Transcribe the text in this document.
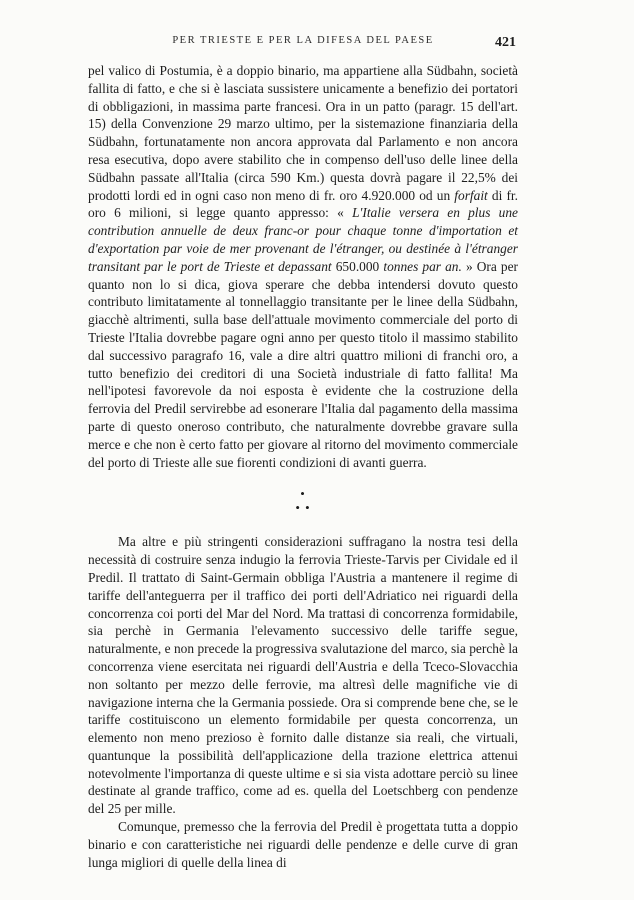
PER TRIESTE E PER LA DIFESA DEL PAESE	421

pel valico di Postumia, è a doppio binario, ma appartiene alla Südbahn, società fallita di fatto, e che si è lasciata sussistere unicamente a benefizio dei portatori di obbligazioni, in massima parte francesi. Ora in un patto (paragr. 15 dell'art. 15) della Convenzione 29 marzo ultimo, per la sistemazione finanziaria della Südbahn, fortunatamente non ancora approvata dal Parlamento e non ancora resa esecutiva, dopo avere stabilito che in compenso dell'uso delle linee della Südbahn passate all'Italia (circa 590 Km.) questa dovrà pagare il 22,5% dei prodotti lordi ed in ogni caso non meno di fr. oro 4.920.000 od un forfait di fr. oro 6 milioni, si legge quanto appresso: « L'Italie versera en plus une contribution annuelle de deux franc-or pour chaque tonne d'importation et d'exportation par voie de mer provenant de l'étranger, ou destinée à l'étranger transitant par le port de Trieste et depassant 650.000 tonnes par an. » Ora per quanto non lo si dica, giova sperare che debba intendersi dovuto questo contributo limitatamente al tonnellaggio transitante per le linee della Südbahn, giacchè altrimenti, sulla base dell'attuale movimento commerciale del porto di Trieste l'Italia dovrebbe pagare ogni anno per questo titolo il massimo stabilito dal successivo paragrafo 16, vale a dire altri quattro milioni di franchi oro, a tutto benefizio dei creditori di una Società industriale di fatto fallita! Ma nell'ipotesi favorevole da noi esposta è evidente che la costruzione della ferrovia del Predil servirebbe ad esonerare l'Italia dal pagamento della massima parte di questo oneroso contributo, che naturalmente dovrebbe gravare sulla merce e che non è certo fatto per giovare al ritorno del movimento commerciale del porto di Trieste alle sue fiorenti condizioni di avanti guerra.

•
• •

Ma altre e più stringenti considerazioni suffragano la nostra tesi della necessità di costruire senza indugio la ferrovia Trieste-Tarvis per Cividale ed il Predil. Il trattato di Saint-Germain obbliga l'Austria a mantenere il regime di tariffe dell'anteguerra per il traffico dei porti dell'Adriatico nei riguardi della concorrenza coi porti del Mar del Nord. Ma trattasi di concorrenza formidabile, sia perchè in Germania l'elevamento successivo delle tariffe segue, naturalmente, e non precede la progressiva svalutazione del marco, sia perchè la concorrenza viene esercitata nei riguardi dell'Austria e della Tceco-Slovacchia non soltanto per mezzo delle ferrovie, ma altresì delle magnifiche vie di navigazione interna che la Germania possiede. Ora si comprende bene che, se le tariffe costituiscono un elemento formidabile per questa concorrenza, un elemento non meno prezioso è fornito dalle distanze sia reali, che virtuali, quantunque la possibilità dell'applicazione della trazione elettrica attenui notevolmente l'importanza di queste ultime e si sia vista adottare perciò su linee destinate al grande traffico, come ad es. quella del Loetschberg con pendenze del 25 per mille.

Comunque, premesso che la ferrovia del Predil è progettata tutta a doppio binario e con caratteristiche nei riguardi delle pendenze e delle curve di gran lunga migliori di quelle della linea di
